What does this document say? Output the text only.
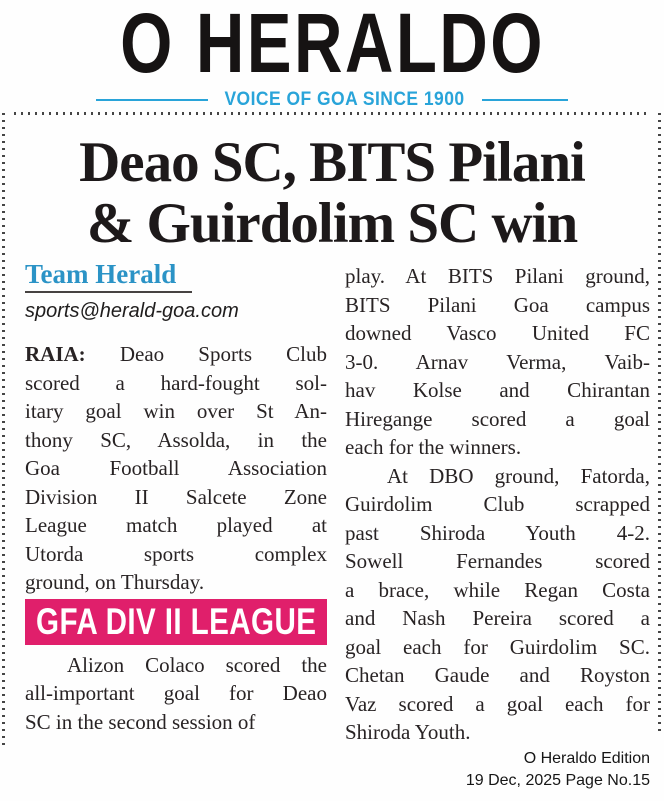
O HERALDO
VOICE OF GOA SINCE 1900
Deao SC, BITS Pilani
& Guirdolim SC win
Team Herald
sports@herald-goa.com
RAIA: Deao Sports Club
scored a hard-fought sol-
itary goal win over St An-
thony SC, Assolda, in the
Goa Football Association
Division II Salcete Zone
League match played at
Utorda sports complex
ground, on Thursday.
GFA DIV II LEAGUE
Alizon Colaco scored the
all-important goal for Deao
SC in the second session of
play. At BITS Pilani ground,
BITS Pilani Goa campus
downed Vasco United FC
3-0. Arnav Verma, Vaib-
hav Kolse and Chirantan
Hiregange scored a goal
each for the winners.
At DBO ground, Fatorda,
Guirdolim Club scrapped
past Shiroda Youth 4-2.
Sowell Fernandes scored
a brace, while Regan Costa
and Nash Pereira scored a
goal each for Guirdolim SC.
Chetan Gaude and Royston
Vaz scored a goal each for
Shiroda Youth.
O Heraldo Edition
19 Dec, 2025 Page No.15
